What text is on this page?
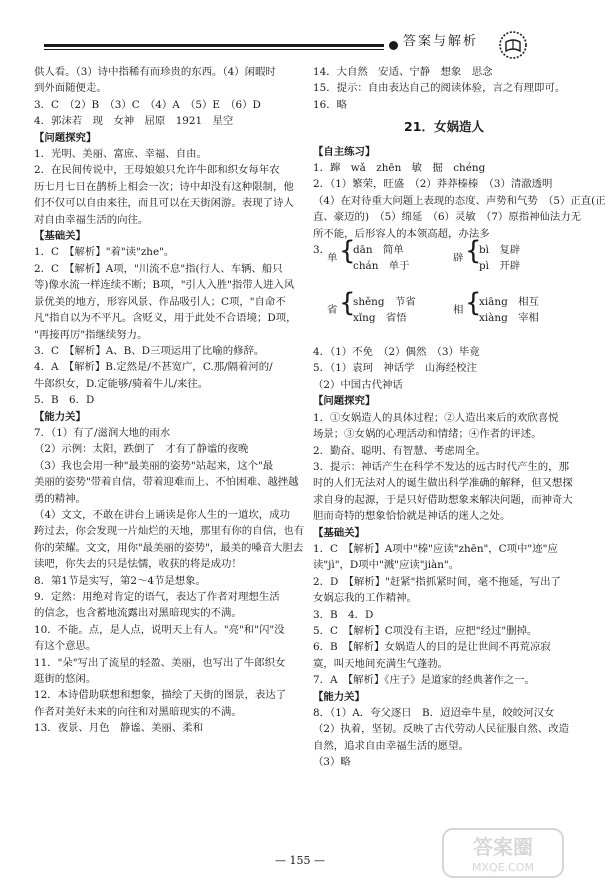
答案与解析
供人看。（3）诗中指稀有而珍贵的东西。（4）闲暇时
到外面随便走。
3．C　（2）B　（3）C　（4）A　（5）E　（6）D
4．郭沫若　现　女神　屈原　1921　星空
【问题探究】
1．光明、美丽、富庶、幸福、自由。
2．在民间传说中，王母娘娘只允许牛郎和织女每年农
历七月七日在鹊桥上相会一次；诗中却没有这种限制，他
们不仅可以自由来往，而且可以在天街闲游。表现了诗人
对自由幸福生活的向往。
【基础关】
1．C　【解析】"着"读"zhe"。
2．C　【解析】A项，"川流不息"指(行人、车辆、船只
等)像水流一样连续不断；B项，"引人入胜"指带人进入风
景优美的地方，形容风景、作品吸引人；C项，"自命不
凡"指自以为不平凡。含贬义，用于此处不合语境；D项，
"再接再厉"指继续努力。
3．C　【解析】A、B、D三项运用了比喻的修辞。
4．A　【解析】B.定然是/不甚宽广，C.那/隔着河的/
牛郎织女，D.定能够/骑着牛儿/来往。
5．B　6．D
【能力关】
7．（1）有了/滋润大地的雨水
（2）示例：太阳，跌倒了　才有了静谧的夜晚
（3）我也会用一种"最美丽的姿势"站起来，这个"最
美丽的姿势"带着自信，带着迎难而上、不怕困难、越挫越
勇的精神。
（4）文文，不敢在讲台上诵读是你人生的一道坎，成功
跨过去，你会发现一片灿烂的天地，那里有你的自信，也有
你的荣耀。文文，用你"最美丽的姿势"，最美的嗓音大胆去
读吧，你失去的只是怯懦，收获的将是成功！
8．第1节是实写，第2～4节是想象。
9．定然：用绝对肯定的语气，表达了作者对理想生活
的信念，也含蓄地流露出对黑暗现实的不满。
10．不能。点，是人点，说明天上有人。"亮"和"闪"没
有这个意思。
11．"朵"写出了流星的轻盈、美丽，也写出了牛郎织女
逛街的悠闲。
12．本诗借助联想和想象，描绘了天街的图景，表达了
作者对美好未来的向往和对黑暗现实的不满。
13．夜景、月色　静谧、美丽、柔和
14．大自然　安适、宁静　想象　思念
15．提示：自由表达自己的阅读体验，言之有理即可。
16．略
21．女娲造人
【自主练习】
1．蹿　wǎ　zhēn　敏　掘　chéng
2．（1）繁荣，旺盛　（2）莽莽榛榛　（3）清澈透明
（4）在对待重大问题上表现的态度、声势和气势　（5）正直(正
直、豪迈的)　（5）绵延　（6）灵敏　（7）原指神仙法力无
所不能，后形容人的本领高超，办法多
3．
单 {
dān　简单
chán　单于
辟 {
bì　复辟
pì　开辟
省 {
shěng　节省
xǐng　省悟
相 {
xiāng　相互
xiàng　宰相
4．（1）不免　（2）偶然　（3）毕竟
5．（1）袁珂　神话学　山海经校注
（2）中国古代神话
【问题探究】
1．①女娲造人的具体过程；②人造出来后的欢欣喜悦
场景；③女娲的心理活动和情绪；④作者的评述。
2．勤奋、聪明、有智慧、考虑周全。
3．提示：神话产生在科学不发达的远古时代产生的，那
时的人们无法对人的诞生做出科学准确的解释，但又想探
求自身的起源，于是只好借助想象来解决问题，而神奇大
胆而奇特的想象恰恰就是神话的迷人之处。
【基础关】
1．C　【解析】A项中"榛"应读"zhēn"，C项中"迹"应
读"jì"，D项中"溅"应读"jiàn"。
2．D　【解析】"赶紧"指抓紧时间，毫不拖延，写出了
女娲忘我的工作精神。
3．B　4．D
5．C　【解析】C项没有主语，应把"经过"删掉。
6．B　【解析】女娲造人的目的是让世间不再荒凉寂
寞，叫天地间充满生气蓬勃。
7．A　【解析】《庄子》是道家的经典著作之一。
【能力关】
8．（1）A．夸父逐日　B．迢迢牵牛星，皎皎河汉女
（2）执着，坚韧。反映了古代劳动人民征服自然、改造
自然，追求自由幸福生活的愿望。
（3）略
— 155 —
答案圈
MXQE.COM
